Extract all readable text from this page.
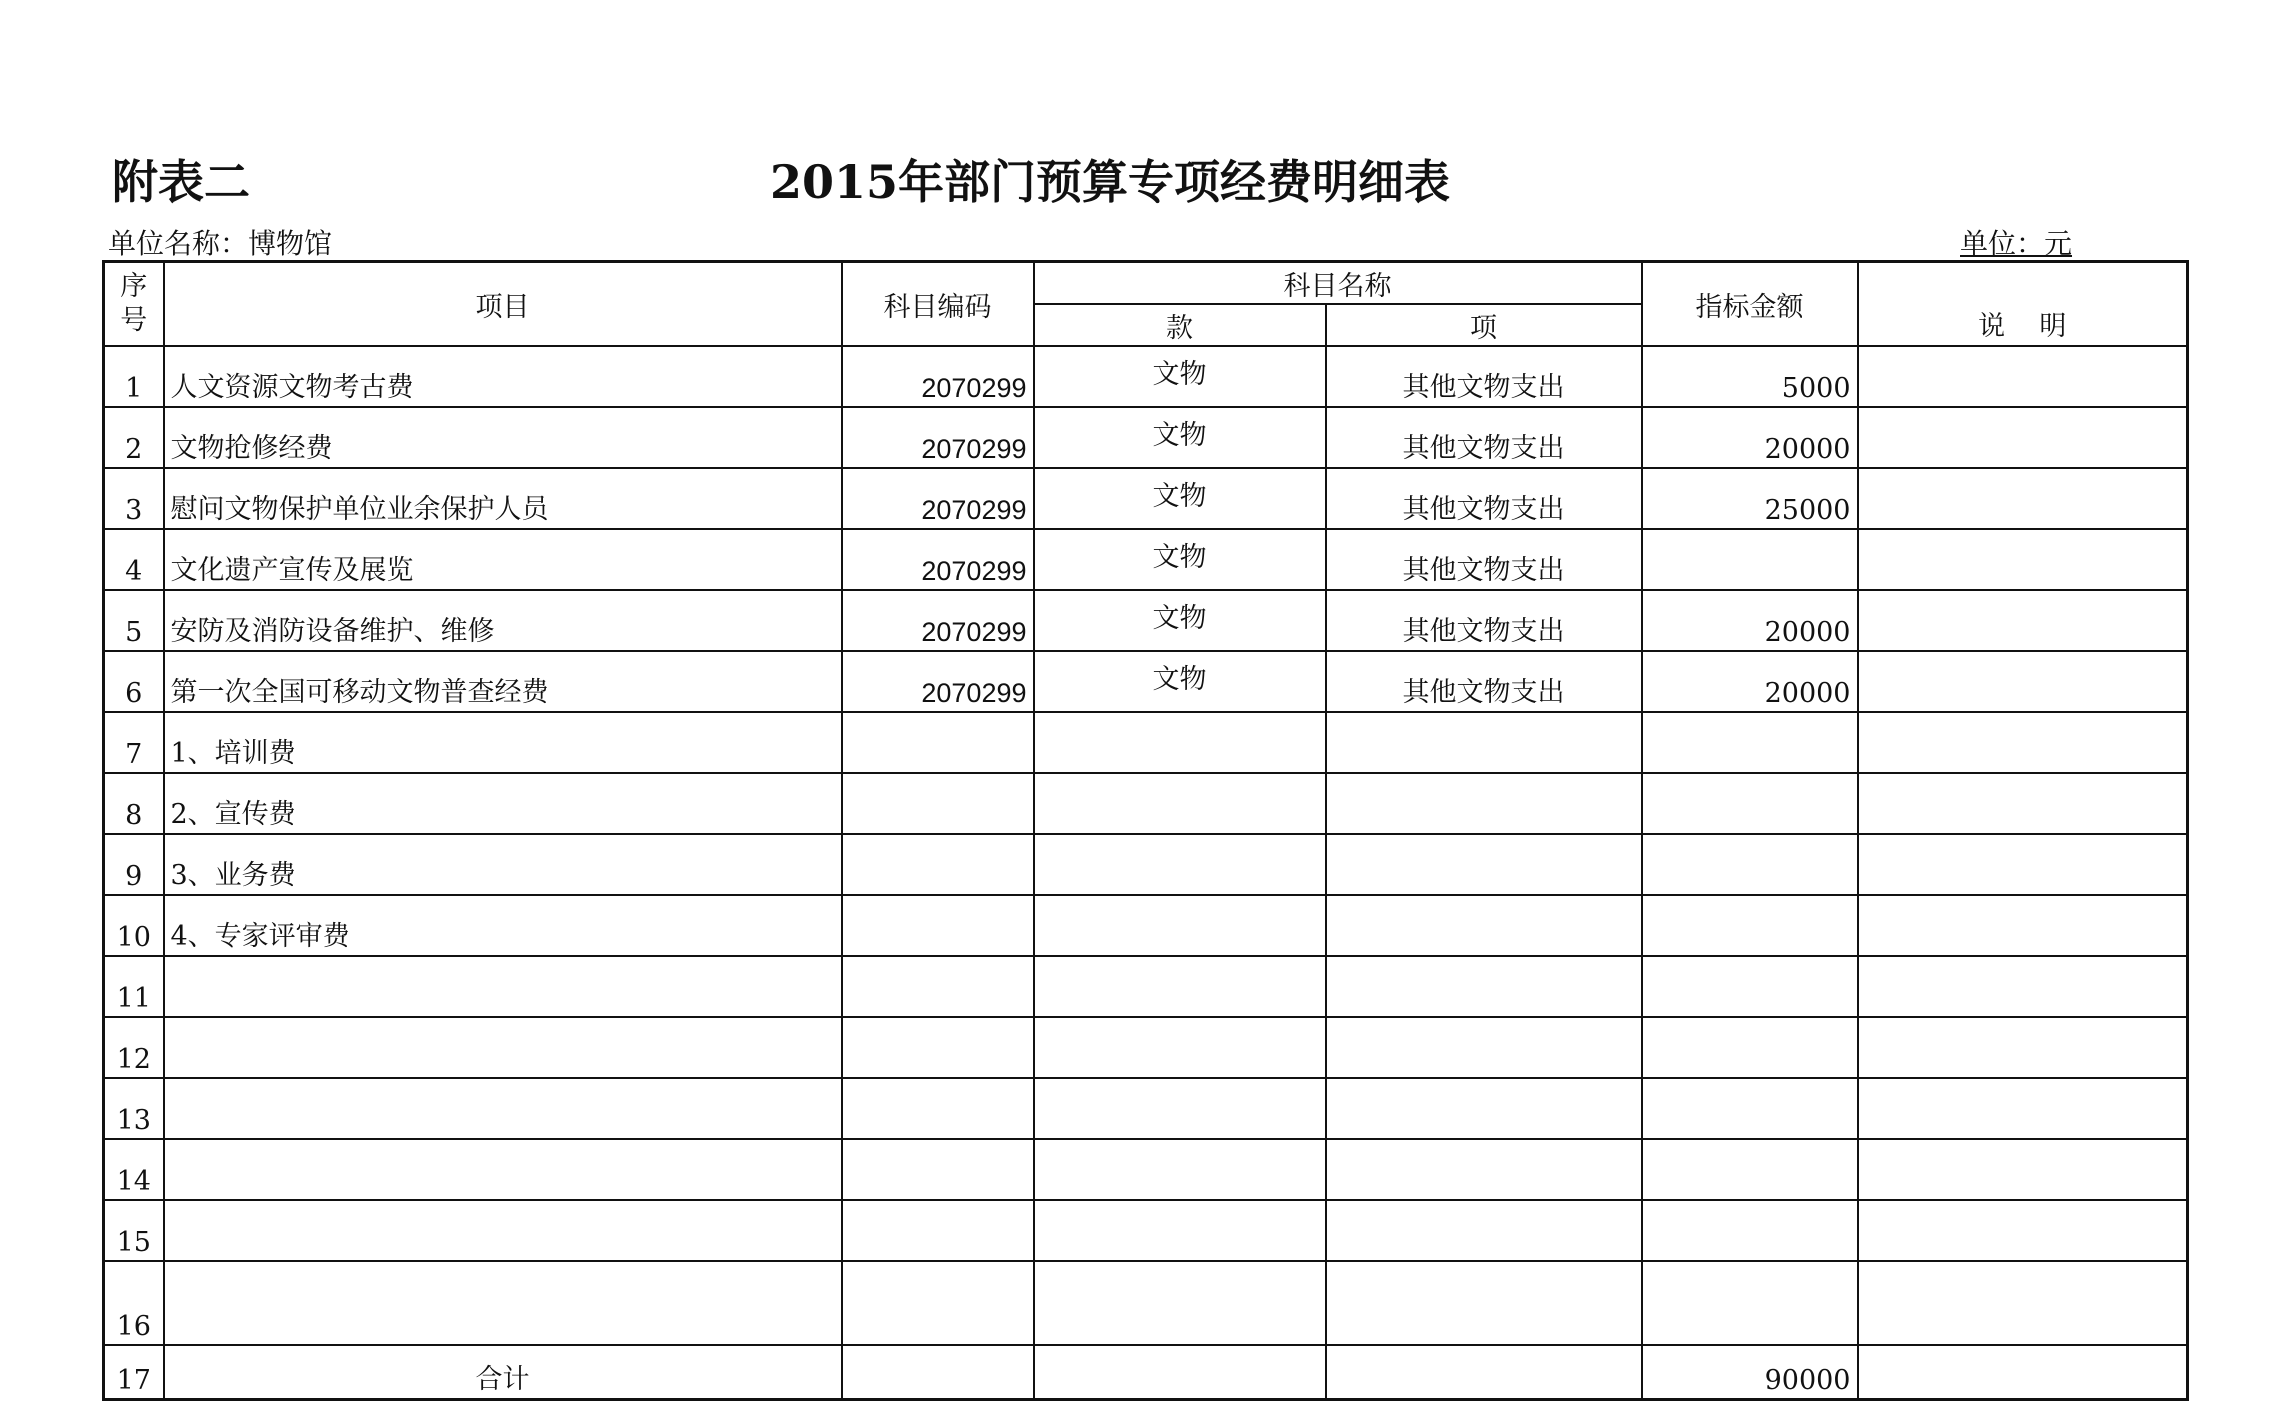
附表二	2015年部门预算专项经费明细表
单位名称：博物馆	单位：元
序
号	项目	科目编码	科目名称		指标金额	说    明
			款	项		
1	人文资源文物考古费	2070299	文物	其他文物支出	5000	
2	文物抢修经费	2070299	文物	其他文物支出	20000	
3	慰问文物保护单位业余保护人员	2070299	文物	其他文物支出	25000	
4	文化遗产宣传及展览	2070299	文物	其他文物支出		
5	安防及消防设备维护、维修	2070299	文物	其他文物支出	20000	
6	第一次全国可移动文物普查经费	2070299	文物	其他文物支出	20000	
7	1、培训费					
8	2、宣传费					
9	3、业务费					
10	4、专家评审费					
11						
12						
13						
14						
15						
16						
17	合计				90000	
